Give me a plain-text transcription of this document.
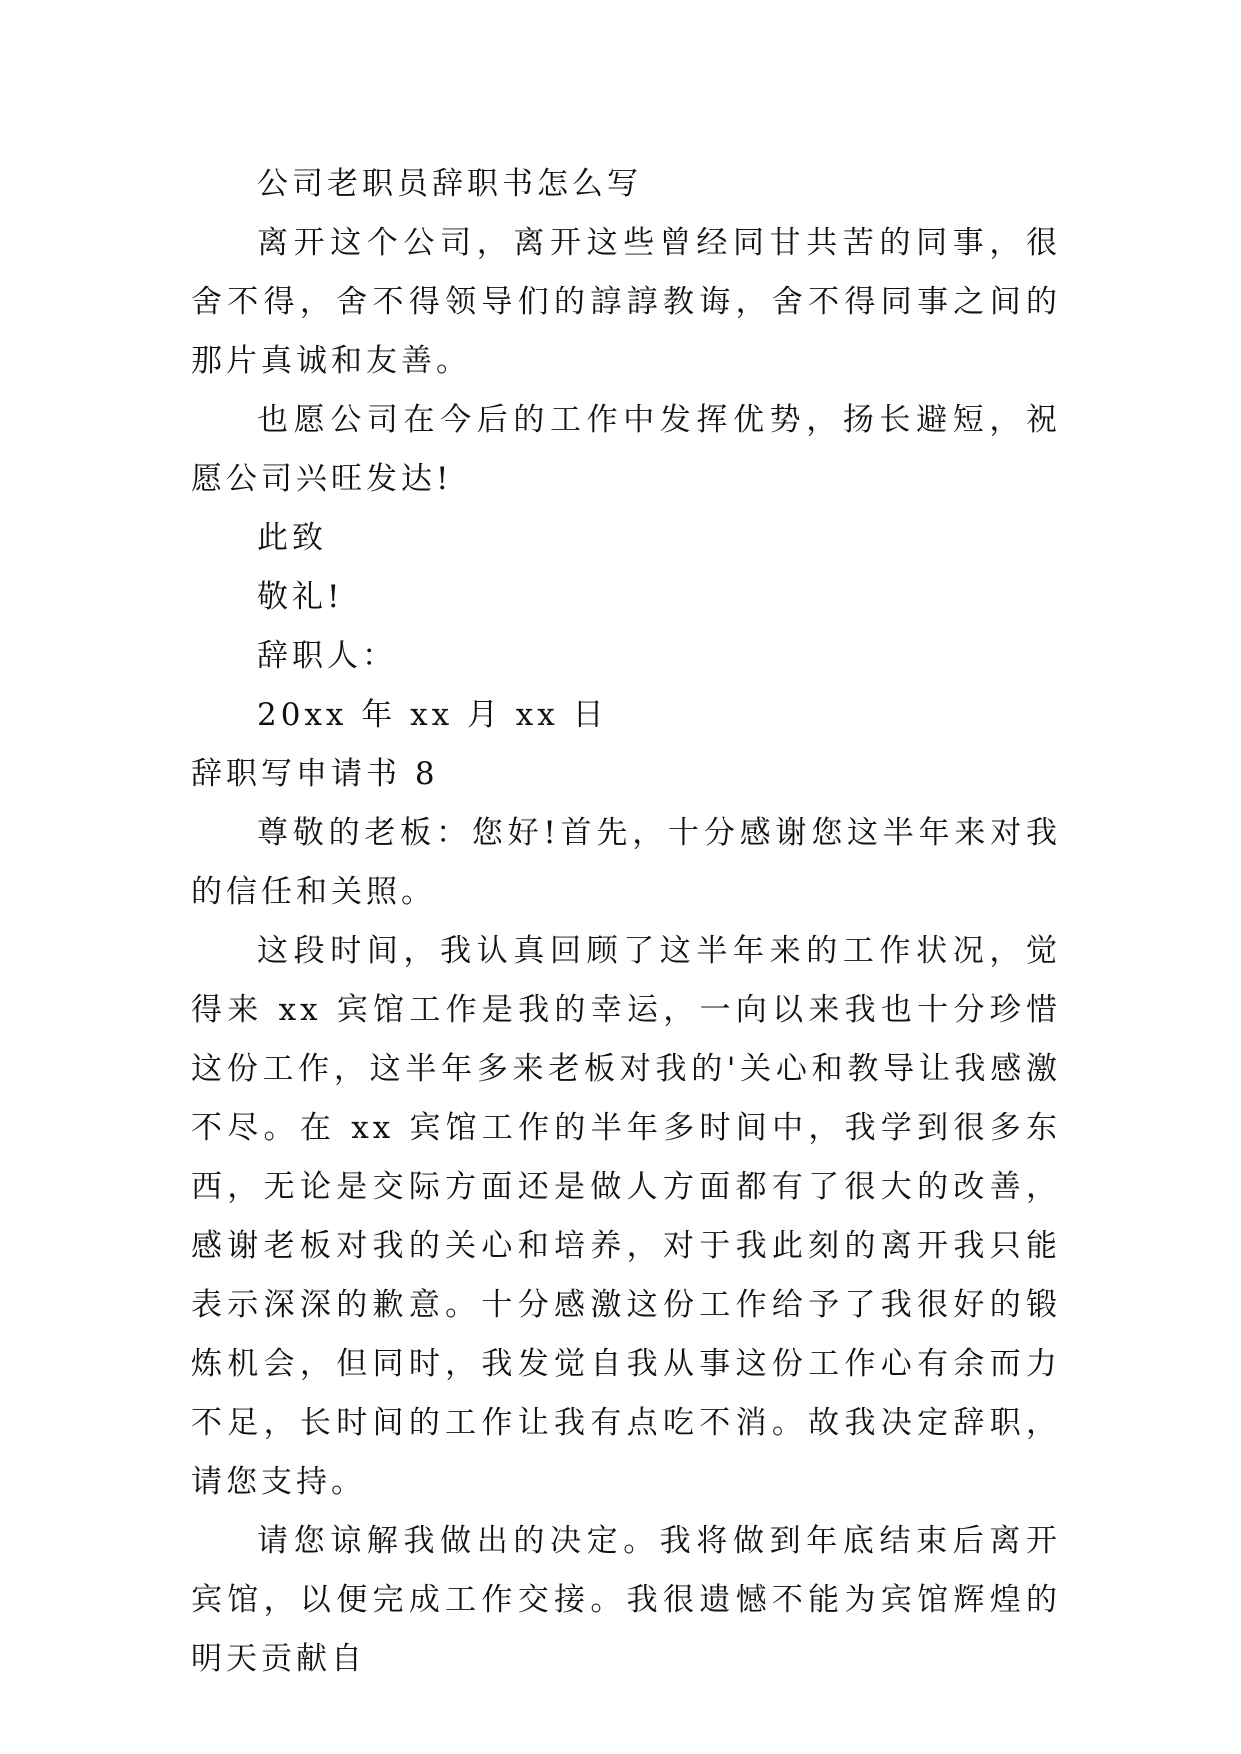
公司老职员辞职书怎么写

离开这个公司，离开这些曾经同甘共苦的同事，很舍不得，舍不得领导们的諄諄教诲，舍不得同事之间的那片真诚和友善。

也愿公司在今后的工作中发挥优势，扬长避短，祝愿公司兴旺发达!

此致

敬礼!

辞职人：

20xx 年 xx 月 xx 日

辞职写申请书 8

尊敬的老板：您好!首先，十分感谢您这半年来对我的信任和关照。

这段时间，我认真回顾了这半年来的工作状况，觉得来 xx 宾馆工作是我的幸运，一向以来我也十分珍惜这份工作，这半年多来老板对我的'关心和教导让我感激不尽。在 xx 宾馆工作的半年多时间中，我学到很多东西，无论是交际方面还是做人方面都有了很大的改善，感谢老板对我的关心和培养，对于我此刻的离开我只能表示深深的歉意。十分感激这份工作给予了我很好的锻炼机会，但同时，我发觉自我从事这份工作心有余而力不足，长时间的工作让我有点吃不消。故我决定辞职，请您支持。

请您谅解我做出的决定。我将做到年底结束后离开宾馆，以便完成工作交接。我很遗憾不能为宾馆辉煌的明天贡献自
